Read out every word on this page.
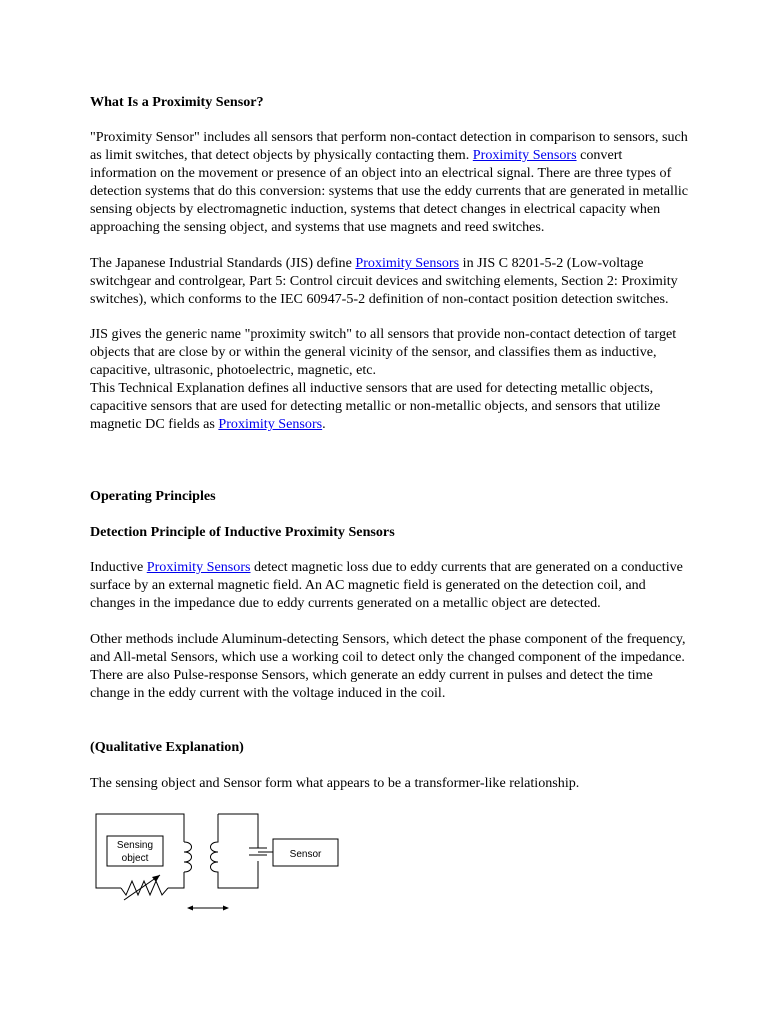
What Is a Proximity Sensor?

"Proximity Sensor" includes all sensors that perform non-contact detection in comparison to sensors, such as limit switches, that detect objects by physically contacting them. Proximity Sensors convert information on the movement or presence of an object into an electrical signal. There are three types of detection systems that do this conversion: systems that use the eddy currents that are generated in metallic sensing objects by electromagnetic induction, systems that detect changes in electrical capacity when approaching the sensing object, and systems that use magnets and reed switches.

The Japanese Industrial Standards (JIS) define Proximity Sensors in JIS C 8201-5-2 (Low-voltage switchgear and controlgear, Part 5: Control circuit devices and switching elements, Section 2: Proximity switches), which conforms to the IEC 60947-5-2 definition of non-contact position detection switches.

JIS gives the generic name "proximity switch" to all sensors that provide non-contact detection of target objects that are close by or within the general vicinity of the sensor, and classifies them as inductive, capacitive, ultrasonic, photoelectric, magnetic, etc.

This Technical Explanation defines all inductive sensors that are used for detecting metallic objects, capacitive sensors that are used for detecting metallic or non-metallic objects, and sensors that utilize magnetic DC fields as Proximity Sensors.

Operating Principles

Detection Principle of Inductive Proximity Sensors

Inductive Proximity Sensors detect magnetic loss due to eddy currents that are generated on a conductive surface by an external magnetic field. An AC magnetic field is generated on the detection coil, and changes in the impedance due to eddy currents generated on a metallic object are detected.

Other methods include Aluminum-detecting Sensors, which detect the phase component of the frequency, and All-metal Sensors, which use a working coil to detect only the changed component of the impedance. There are also Pulse-response Sensors, which generate an eddy current in pulses and detect the time change in the eddy current with the voltage induced in the coil.

(Qualitative Explanation)

The sensing object and Sensor form what appears to be a transformer-like relationship.

Sensing
object	Sensor
